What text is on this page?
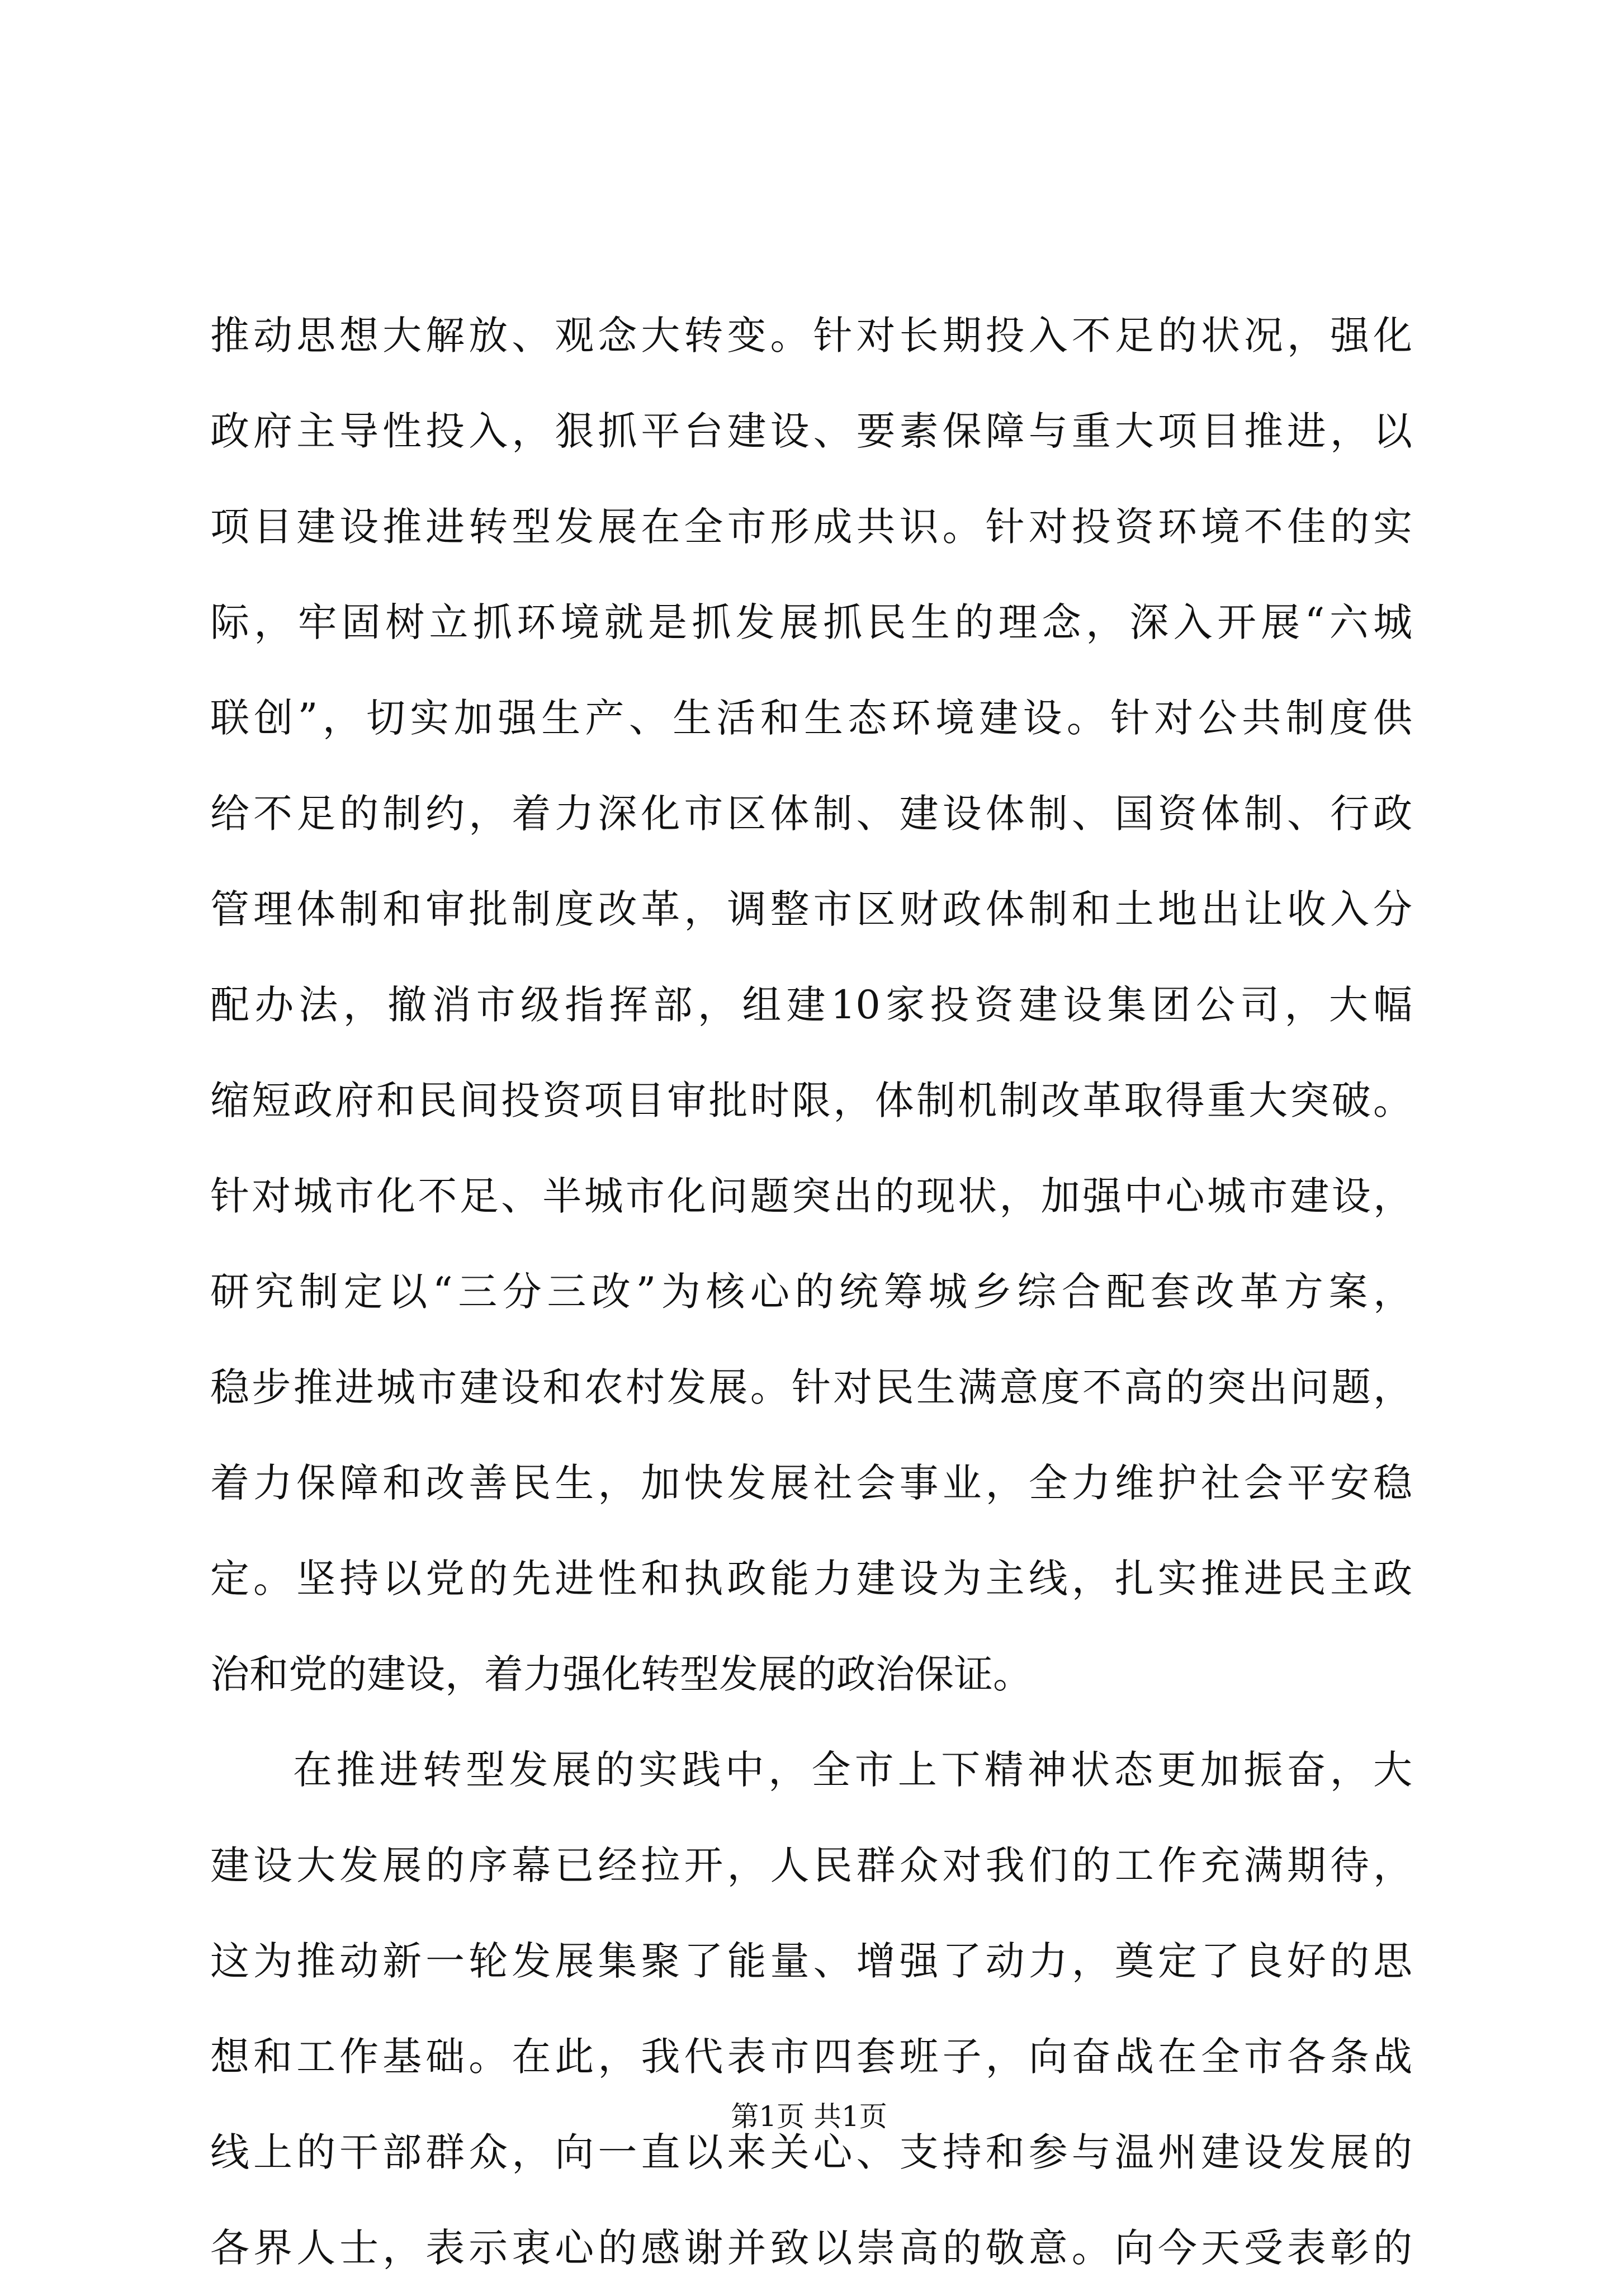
推动思想大解放、观念大转变。针对长期投入不足的状况，强化
政府主导性投入，狠抓平台建设、要素保障与重大项目推进，以
项目建设推进转型发展在全市形成共识。针对投资环境不佳的实
际，牢固树立抓环境就是抓发展抓民生的理念，深入开展“六城
联创”，切实加强生产、生活和生态环境建设。针对公共制度供
给不足的制约，着力深化市区体制、建设体制、国资体制、行政
管理体制和审批制度改革，调整市区财政体制和土地出让收入分
配办法，撤消市级指挥部，组建10家投资建设集团公司，大幅
缩短政府和民间投资项目审批时限，体制机制改革取得重大突破。
针对城市化不足、半城市化问题突出的现状，加强中心城市建设，
研究制定以“三分三改”为核心的统筹城乡综合配套改革方案，
稳步推进城市建设和农村发展。针对民生满意度不高的突出问题，
着力保障和改善民生，加快发展社会事业，全力维护社会平安稳
定。坚持以党的先进性和执政能力建设为主线，扎实推进民主政
治和党的建设，着力强化转型发展的政治保证。
在推进转型发展的实践中，全市上下精神状态更加振奋，大
建设大发展的序幕已经拉开，人民群众对我们的工作充满期待，
这为推动新一轮发展集聚了能量、增强了动力，奠定了良好的思
想和工作基础。在此，我代表市四套班子，向奋战在全市各条战
线上的干部群众，向一直以来关心、支持和参与温州建设发展的
各界人士，表示衷心的感谢并致以崇高的敬意。向今天受表彰的
第1页 共1页
